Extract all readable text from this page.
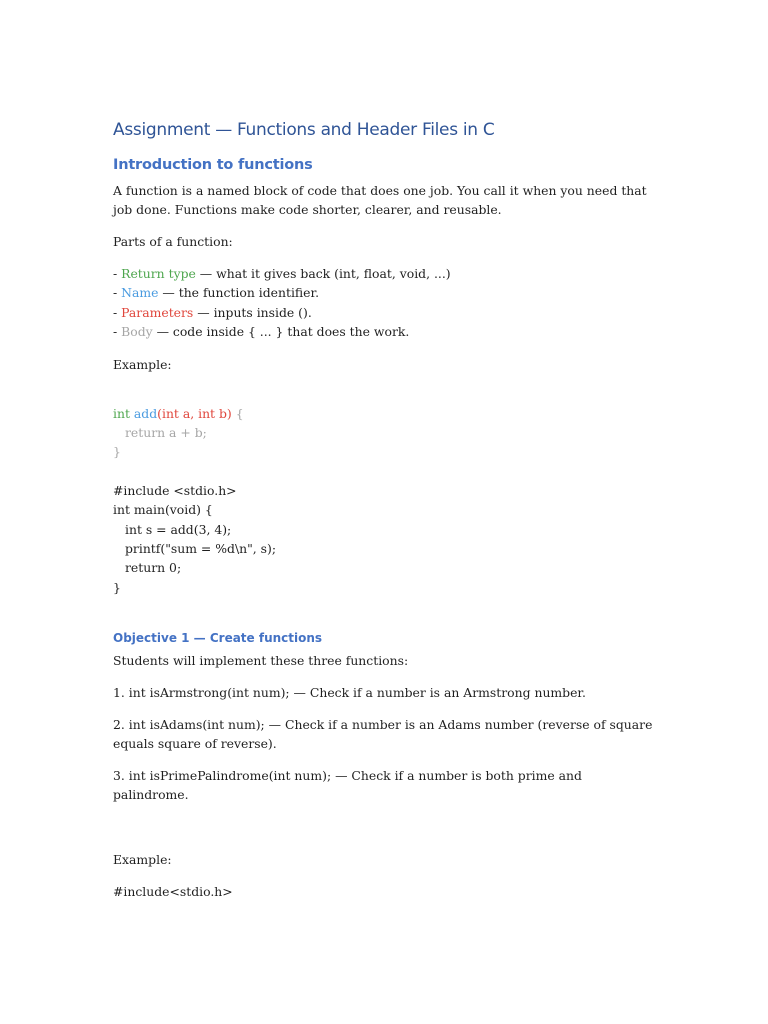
Assignment — Functions and Header Files in C
Introduction to functions

A function is a named block of code that does one job. You call it when you need that job done. Functions make code shorter, clearer, and reusable.

Parts of a function:

- Return type — what it gives back (int, float, void, ...)
- Name — the function identifier.
- Parameters — inputs inside ().
- Body — code inside { ... } that does the work.

Example:

int add(int a, int b) {
return a + b;
}
#include <stdio.h>
int main(void) {
int s = add(3, 4);
printf("sum = %d\n", s);
return 0;
}
Objective 1 — Create functions

Students will implement these three functions:

1. int isArmstrong(int num); — Check if a number is an Armstrong number.

2. int isAdams(int num); — Check if a number is an Adams number (reverse of square equals square of reverse).

3. int isPrimePalindrome(int num); — Check if a number is both prime and palindrome.

Example:

#include<stdio.h>
